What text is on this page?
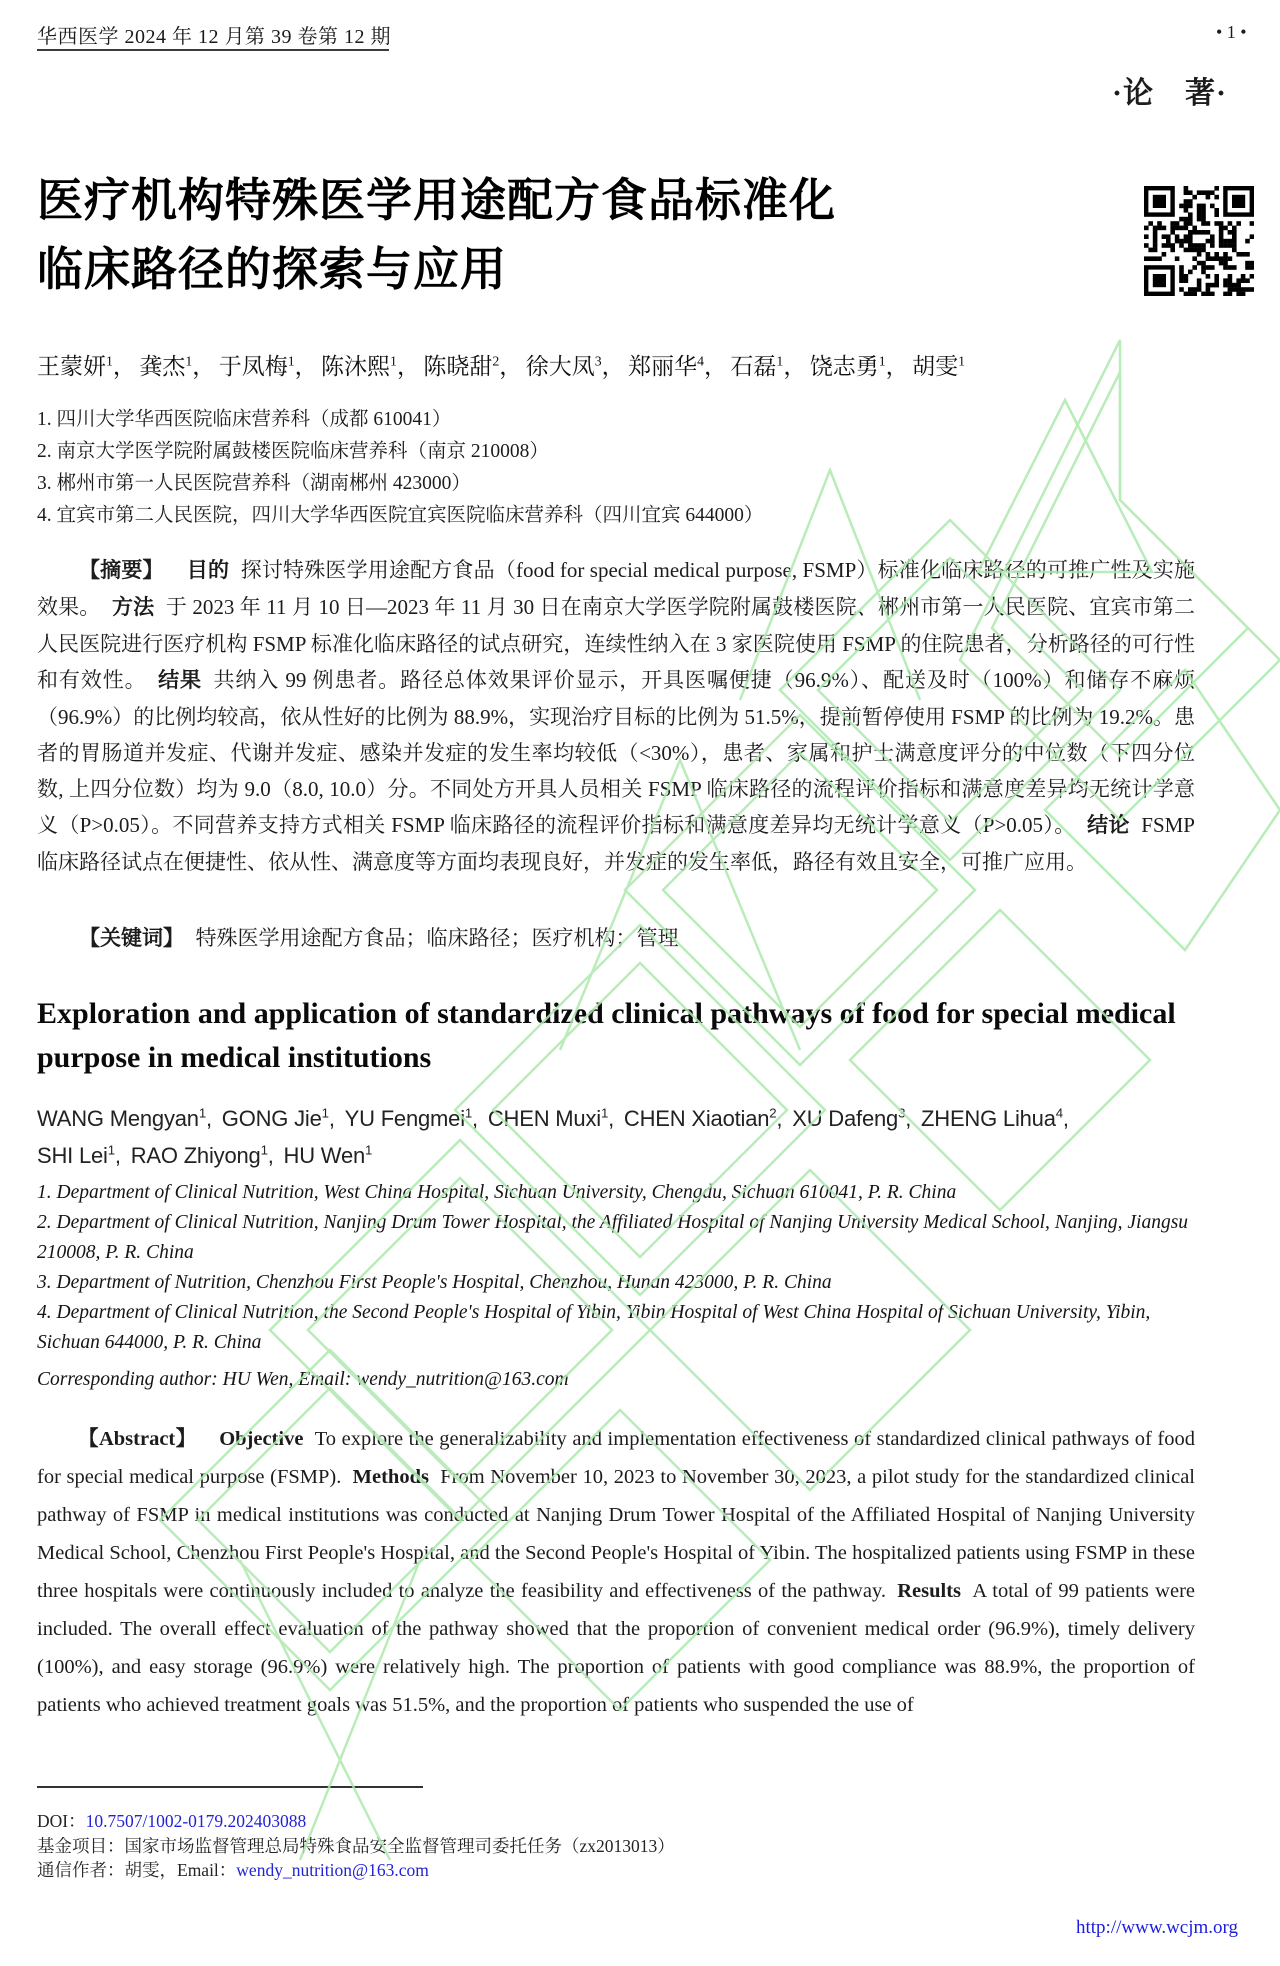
华西医学 2024 年 12 月第 39 卷第 12 期	• 1 •
·论　著·
医疗机构特殊医学用途配方食品标准化
临床路径的探索与应用
王蒙妍$^1$， 龚杰$^1$， 于凤梅$^1$， 陈沐熙$^1$， 陈晓甜$^2$， 徐大凤$^3$， 郑丽华$^4$， 石磊$^1$， 饶志勇$^1$， 胡雯$^1$
1. 四川大学华西医院临床营养科（成都 610041）
2. 南京大学医学院附属鼓楼医院临床营养科（南京 210008）
3. 郴州市第一人民医院营养科（湖南郴州 423000）
4. 宜宾市第二人民医院，四川大学华西医院宜宾医院临床营养科（四川宜宾 644000）

【摘要】 目的 探讨特殊医学用途配方食品（food for special medical purpose, FSMP）标准化临床路径的可推广性及实施效果。 方法 于 2023 年 11 月 10 日—2023 年 11 月 30 日在南京大学医学院附属鼓楼医院、郴州市第一人民医院、宜宾市第二人民医院进行医疗机构 FSMP 标准化临床路径的试点研究，连续性纳入在 3 家医院使用 FSMP 的住院患者，分析路径的可行性和有效性。 结果 共纳入 99 例患者。路径总体效果评价显示，开具医嘱便捷（96.9%）、配送及时（100%）和储存不麻烦（96.9%）的比例均较高，依从性好的比例为 88.9%，实现治疗目标的比例为 51.5%，提前暂停使用 FSMP 的比例为 19.2%。患者的胃肠道并发症、代谢并发症、感染并发症的发生率均较低（<30%），患者、家属和护士满意度评分的中位数（下四分位数, 上四分位数）均为 9.0（8.0, 10.0）分。不同处方开具人员相关 FSMP 临床路径的流程评价指标和满意度差异均无统计学意义（P>0.05）。不同营养支持方式相关 FSMP 临床路径的流程评价指标和满意度差异均无统计学意义（P>0.05）。 结论 FSMP 临床路径试点在便捷性、依从性、满意度等方面均表现良好，并发症的发生率低，路径有效且安全，可推广应用。

【关键词】 特殊医学用途配方食品；临床路径；医疗机构；管理

Exploration and application of standardized clinical pathways of food for special medical purpose in medical institutions

WANG Mengyan$^1$, GONG Jie$^1$, YU Fengmei$^1$, CHEN Muxi$^1$, CHEN Xiaotian$^2$, XU Dafeng$^3$, ZHENG Lihua$^4$,
SHI Lei$^1$, RAO Zhiyong$^1$, HU Wen$^1$
1. Department of Clinical Nutrition, West China Hospital, Sichuan University, Chengdu, Sichuan 610041, P. R. China
2. Department of Clinical Nutrition, Nanjing Drum Tower Hospital, the Affiliated Hospital of Nanjing University Medical School, Nanjing, Jiangsu 210008, P. R. China
3. Department of Nutrition, Chenzhou First People's Hospital, Chenzhou, Hunan 423000, P. R. China
4. Department of Clinical Nutrition, the Second People's Hospital of Yibin, Yibin Hospital of West China Hospital of Sichuan University, Yibin, Sichuan 644000, P. R. China
Corresponding author: HU Wen, Email: wendy_nutrition@163.com

【Abstract】 Objective To explore the generalizability and implementation effectiveness of standardized clinical pathways of food for special medical purpose (FSMP). Methods From November 10, 2023 to November 30, 2023, a pilot study for the standardized clinical pathway of FSMP in medical institutions was conducted at Nanjing Drum Tower Hospital of the Affiliated Hospital of Nanjing University Medical School, Chenzhou First People's Hospital, and the Second People's Hospital of Yibin. The hospitalized patients using FSMP in these three hospitals were continuously included to analyze the feasibility and effectiveness of the pathway. Results A total of 99 patients were included. The overall effect evaluation of the pathway showed that the proportion of convenient medical order (96.9%), timely delivery (100%), and easy storage (96.9%) were relatively high. The proportion of patients with good compliance was 88.9%, the proportion of patients who achieved treatment goals was 51.5%, and the proportion of patients who suspended the use of

DOI：10.7507/1002-0179.202403088
基金项目：国家市场监督管理总局特殊食品安全监督管理司委托任务（zx2013013）
通信作者：胡雯，Email：wendy_nutrition@163.com
http://www.wcjm.org
